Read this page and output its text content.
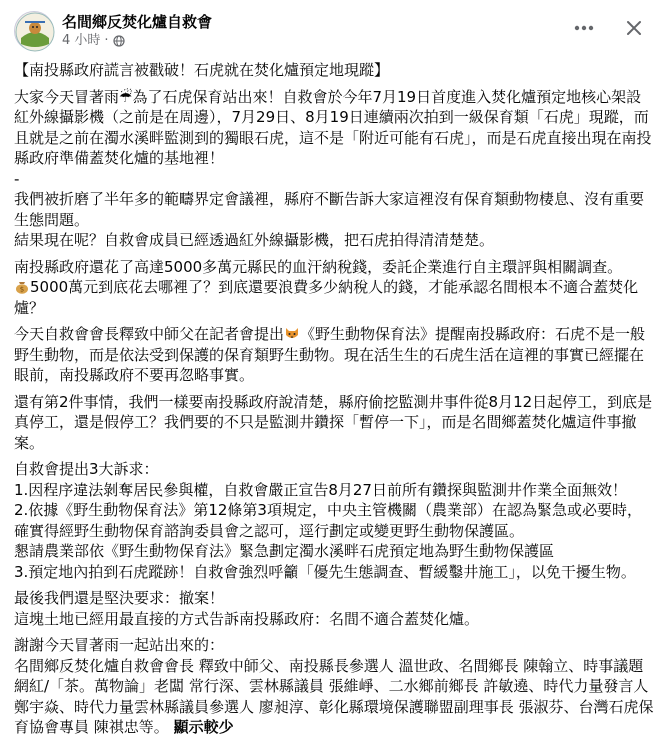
名間鄉反焚化爐自救會
4 小時 ·

【南投縣政府謊言被戳破！石虎就在焚化爐預定地現蹤】

大家今天冒著雨☔為了石虎保育站出來！自救會於今年7月19日首度進入焚化爐預定地核心架設紅外線攝影機（之前是在周邊），7月29日、8月19日連續兩次拍到一級保育類「石虎」現蹤，而且就是之前在濁水溪畔監測到的獨眼石虎，這不是「附近可能有石虎」，而是石虎直接出現在南投縣政府準備蓋焚化爐的基地裡！

-

我們被折磨了半年多的範疇界定會議裡，縣府不斷告訴大家這裡沒有保育類動物棲息、沒有重要生態問題。

結果現在呢？自救會成員已經透過紅外線攝影機，把石虎拍得清清楚楚。

南投縣政府還花了高達5000多萬元縣民的血汗納稅錢，委託企業進行自主環評與相關調查。

$ 5000萬元到底花去哪裡了？到底還要浪費多少納稅人的錢，才能承認名間根本不適合蓋焚化爐？

今天自救會會長釋致中師父在記者會提出 《野生動物保育法》提醒南投縣政府：石虎不是一般野生動物，而是依法受到保護的保育類野生動物。現在活生生的石虎生活在這裡的事實已經擺在眼前，南投縣政府不要再忽略事實。

還有第2件事情，我們一樣要南投縣政府說清楚，縣府偷挖監測井事件從8月12日起停工，到底是真停工，還是假停工？我們要的不只是監測井鑽探「暫停一下」，而是名間鄉蓋焚化爐這件事撤案。

自救會提出3大訴求：

1.因程序違法剝奪居民參與權，自救會嚴正宣告8月27日前所有鑽探與監測井作業全面無效！

2.依據《野生動物保育法》第12條第3項規定，中央主管機關（農業部）在認為緊急或必要時，確實得經野生動物保育諮詢委員會之認可，逕行劃定或變更野生動物保護區。

懇請農業部依《野生動物保育法》緊急劃定濁水溪畔石虎預定地為野生動物保護區

3.預定地內拍到石虎蹤跡！自救會強烈呼籲「優先生態調查、暫緩鑿井施工」，以免干擾生物。

最後我們還是堅決要求：撤案！

這塊土地已經用最直接的方式告訴南投縣政府：名間不適合蓋焚化爐。

謝謝今天冒著雨一起站出來的：

名間鄉反焚化爐自救會會長 釋致中師父、南投縣長參選人 溫世政、名間鄉長 陳翰立、時事議題網紅/「茶。萬物論」老闆 常行深、雲林縣議員 張維崢、二水鄉前鄉長 許敏遶、時代力量發言人 鄭宇焱、時代力量雲林縣議員參選人 廖昶淳、彰化縣環境保護聯盟副理事長 張淑芬、台灣石虎保育協會專員 陳祺忠等。 顯示較少
